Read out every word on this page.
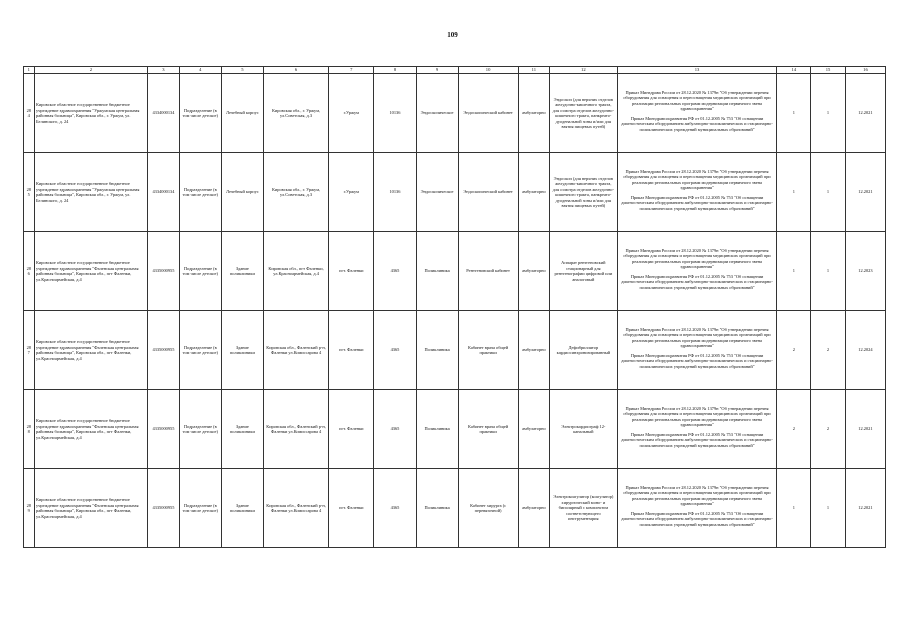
109
1	2	3	4	5	6	7	8	9	10	11	12	13	14	15	16
284	Кировское областное государственное бюджетное учреждение здравоохранения "Уржумская центральная районная больница", Кировская обл., г. Уржум, ул. Белинского, д. 24	4334000134	Подразделение (в том числе детское)	Лечебный корпус	Кировская обл., г. Уржум, ул.Советская, д.3	г.Уржум	10136	Эндоскопическое	Эндоскопический кабинет	амбулаторно	Эндоскоп (для верхних отделов желудочно-кишечного тракта, для осмотра отделов желудочно-кишечного тракта, панкреато-дуоденальной зоны и/или для взятия пищевых путей)	Приказ Минздрава России от 28.12.2020 № 1379н "Об утверждении перечня оборудования для оснащения и переоснащения медицинских организаций при реализации региональных программ модернизации первичного звена здравоохранения"
Приказ Минздравсоцразвития РФ от 01.12.2005 № 753 "Об оснащении диагностическим оборудованием амбулаторно-поликлинических и стационарно-поликлинических учреждений муниципальных образований"	1	1	12.2021
285	Кировское областное государственное бюджетное учреждение здравоохранения "Уржумская центральная районная больница", Кировская обл., г. Уржум, ул. Белинского, д. 24	4334000134	Подразделение (в том числе детское)	Лечебный корпус	Кировская обл., г. Уржум, ул.Советская, д.3	г.Уржум	10136	Эндоскопическое	Эндоскопический кабинет	амбулаторно	Эндоскоп (для верхних отделов желудочно-кишечного тракта, для осмотра отделов желудочно-кишечного тракта, панкреато-дуоденальной зоны и/или для взятия пищевых путей)	Приказ Минздрава России от 28.12.2020 № 1379н "Об утверждении перечня оборудования для оснащения и переоснащения медицинских организаций при реализации региональных программ модернизации первичного звена здравоохранения"
Приказ Минздравсоцразвития РФ от 01.12.2005 № 753 "Об оснащении диагностическим оборудованием амбулаторно-поликлинических и стационарно-поликлинических учреждений муниципальных образований"	1	1	12.2021
286	Кировское областное государственное бюджетное учреждение здравоохранения "Фаленская центральная районная больница", Кировская обл., пгт Фаленки, ул.Красноармейская, д.4	4335000955	Подразделение (в том числе детское)	Здание поликлиники	Кировская обл., пгт Фаленки, ул.Красноармейская, д.4	пгт. Фаленки	4365	Поликлиника	Рентгеновский кабинет	амбулаторно	Аппарат рентгеновский стационарный для рентгенографии цифровой или аналоговый	Приказ Минздрава России от 28.12.2020 № 1379н "Об утверждении перечня оборудования для оснащения и переоснащения медицинских организаций при реализации региональных программ модернизации первичного звена здравоохранения"
Приказ Минздравсоцразвития РФ от 01.12.2005 № 753 "Об оснащении диагностическим оборудованием амбулаторно-поликлинических и стационарно-поликлинических учреждений муниципальных образований"	1	1	12.2023
287	Кировское областное государственное бюджетное учреждение здравоохранения "Фаленская центральная районная больница", Кировская обл., пгт Фаленки, ул.Красноармейская, д.4	4335000955	Подразделение (в том числе детское)	Здание поликлиники	Кировская обл., Фаленский р-н, Фаленки ул.Комиссарова 4	пгт. Фаленки	4365	Поликлиника	Кабинет врача общей практики	амбулаторно	Дефибриллятор кардиосинхронизированный	Приказ Минздрава России от 28.12.2020 № 1379н "Об утверждении перечня оборудования для оснащения и переоснащения медицинских организаций при реализации региональных программ модернизации первичного звена здравоохранения"
Приказ Минздравсоцразвития РФ от 01.12.2005 № 753 "Об оснащении диагностическим оборудованием амбулаторно-поликлинических и стационарно-поликлинических учреждений муниципальных образований"	2	2	12.2024
288	Кировское областное государственное бюджетное учреждение здравоохранения "Фаленская центральная районная больница", Кировская обл., пгт Фаленки, ул.Красноармейская, д.4	4335000955	Подразделение (в том числе детское)	Здание поликлиники	Кировская обл., Фаленский р-н, Фаленки ул.Комиссарова 4	пгт. Фаленки	4365	Поликлиника	Кабинет врача общей практики	амбулаторно	Электрокардиограф 12-канальный	Приказ Минздрава России от 28.12.2020 № 1379н "Об утверждении перечня оборудования для оснащения и переоснащения медицинских организаций при реализации региональных программ модернизации первичного звена здравоохранения"
Приказ Минздравсоцразвития РФ от 01.12.2005 № 753 "Об оснащении диагностическим оборудованием амбулаторно-поликлинических и стационарно-поликлинических учреждений муниципальных образований"	2	2	12.2021
289	Кировское областное государственное бюджетное учреждение здравоохранения "Фаленская центральная районная больница", Кировская обл., пгт Фаленки, ул.Красноармейская, д.4	4335000955	Подразделение (в том числе детское)	Здание поликлиники	Кировская обл., Фаленский р-н, Фаленки ул.Комиссарова 4	пгт. Фаленки	4365	Поликлиника	Кабинет хирурга (с перевязочной)	амбулаторно	Электрокоагулятор (коагулятор) хирургический моно- и биполярный с комплектом соответствующего инструментария	Приказ Минздрава России от 28.12.2020 № 1379н "Об утверждении перечня оборудования для оснащения и переоснащения медицинских организаций при реализации региональных программ модернизации первичного звена здравоохранения"
Приказ Минздравсоцразвития РФ от 01.12.2005 № 753 "Об оснащении диагностическим оборудованием амбулаторно-поликлинических и стационарно-поликлинических учреждений муниципальных образований"	1	1	12.2021
